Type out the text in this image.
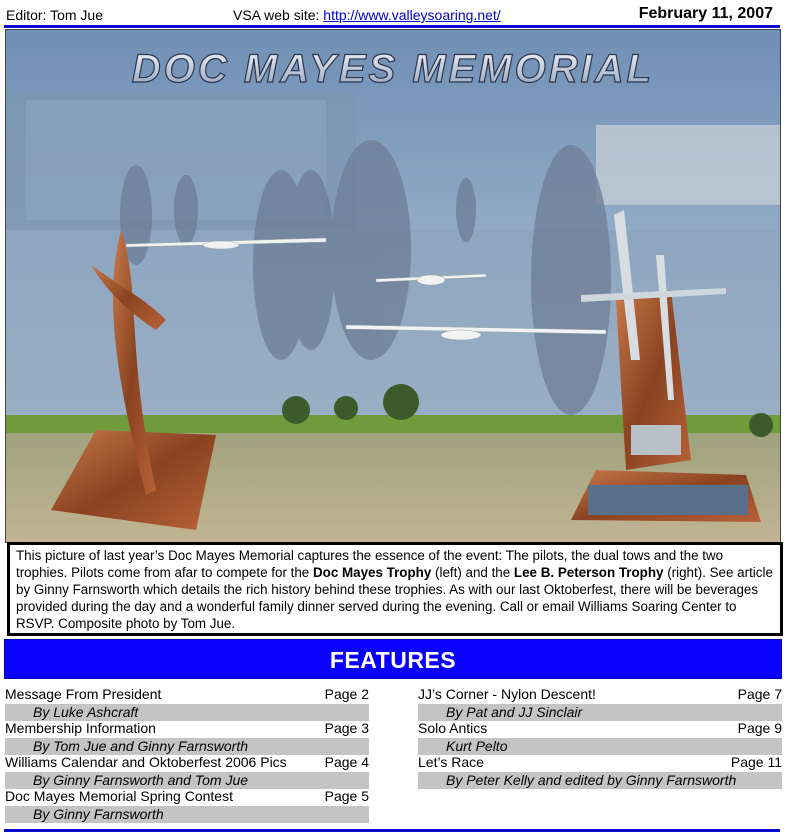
Editor: Tom Jue	VSA web site: http://www.valleysoaring.net/	February 11, 2007
DOC MAYES MEMORIAL
This picture of last year’s Doc Mayes Memorial captures the essence of the event: The pilots, the dual tows and the two trophies. Pilots come from afar to compete for the Doc Mayes Trophy (left) and the Lee B. Peterson Trophy (right). See article by Ginny Farnsworth which details the rich history behind these trophies. As with our last Oktoberfest, there will be beverages provided during the day and a wonderful family dinner served during the evening. Call or email Williams Soaring Center to RSVP. Composite photo by Tom Jue.
FEATURES
Message From President	Page 2
By Luke Ashcraft
Membership Information	Page 3
By Tom Jue and Ginny Farnsworth
Williams Calendar and Oktoberfest 2006 Pics	Page 4
By Ginny Farnsworth and Tom Jue
Doc Mayes Memorial Spring Contest	Page 5
By Ginny Farnsworth
JJ’s Corner - Nylon Descent!	Page 7
By Pat and JJ Sinclair
Solo Antics	Page 9
Kurt Pelto
Let’s Race	Page 11
By Peter Kelly and edited by Ginny Farnsworth
